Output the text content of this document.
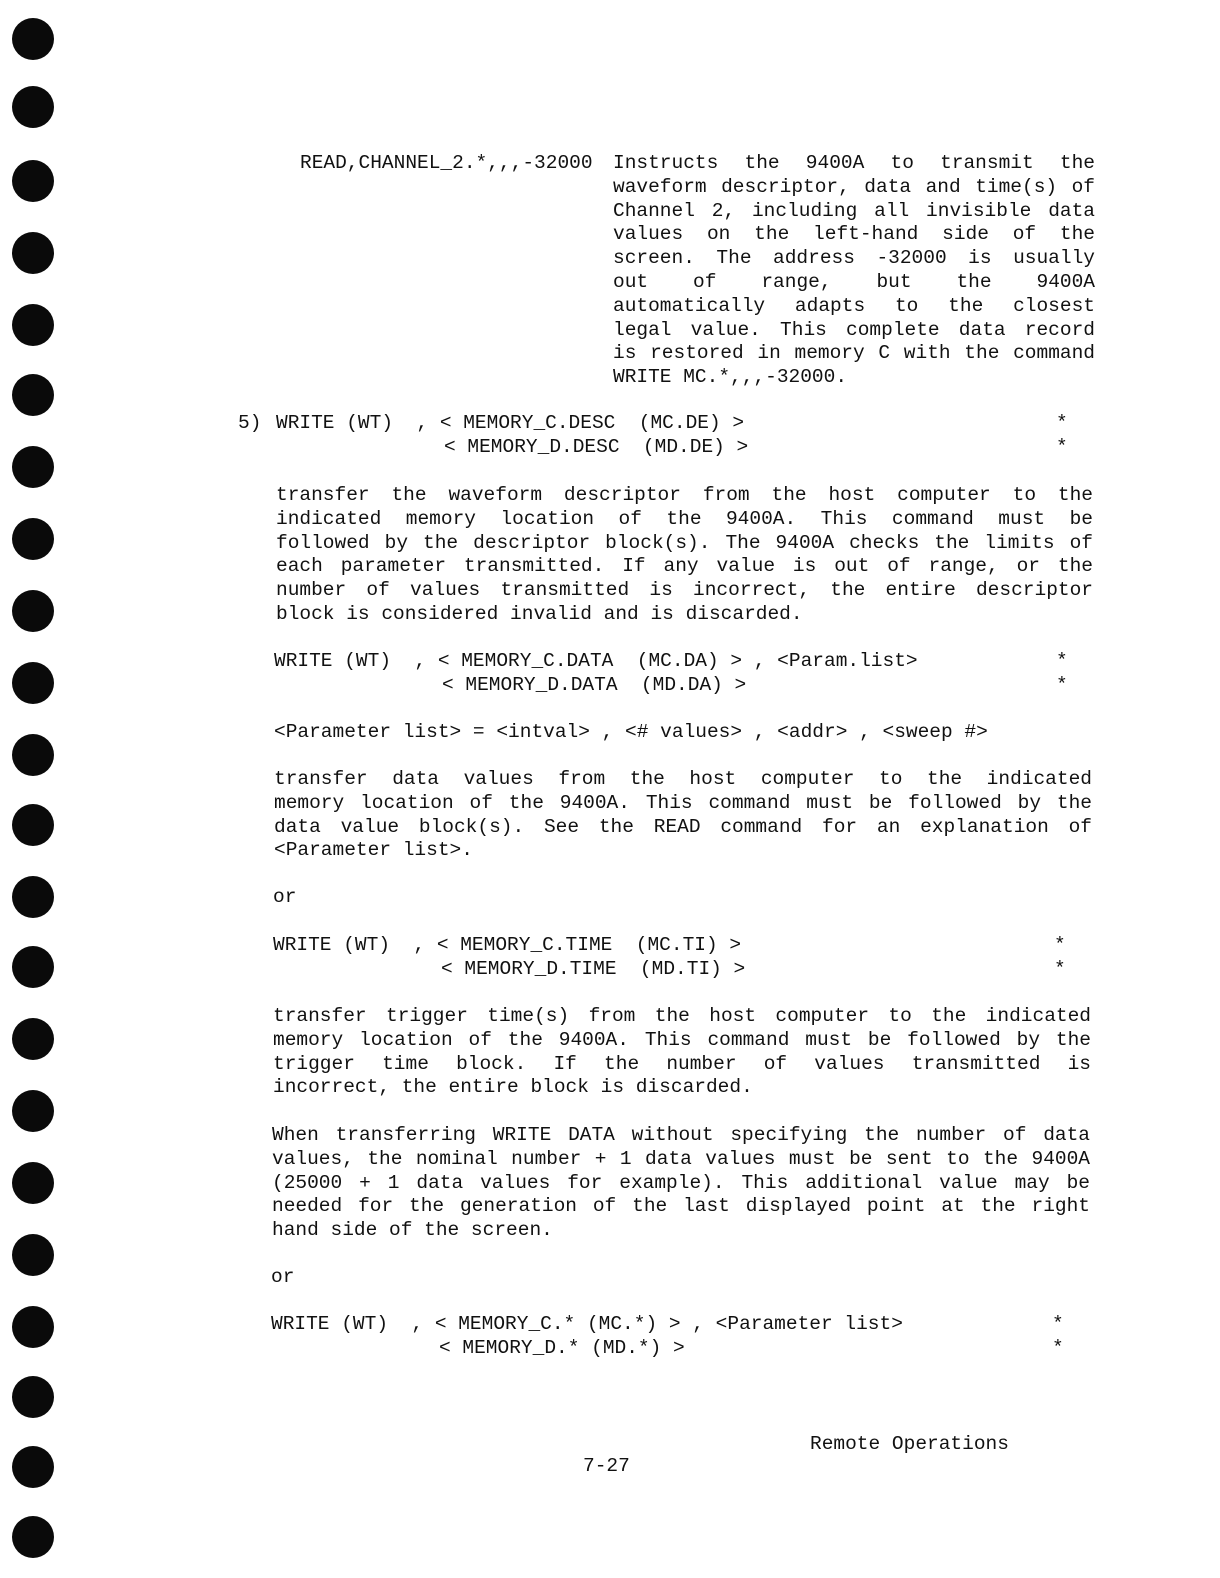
READ,CHANNEL_2.*,,,-32000 Instructs the 9400A to transmit the
waveform descriptor, data and time(s) of
Channel 2, including all invisible data
values on the left-hand side of the
screen. The address -32000 is usually
out of range, but the 9400A
automatically adapts to the closest
legal value. This complete data record
is restored in memory C with the command
WRITE MC.*,,,-32000.
5) WRITE (WT)  , < MEMORY_C.DESC  (MC.DE) >
< MEMORY_D.DESC  (MD.DE) >
*
*
transfer the waveform descriptor from the host computer to the
indicated memory location of the 9400A. This command must be
followed by the descriptor block(s). The 9400A checks the limits of
each parameter transmitted. If any value is out of range, or the
number of values transmitted is incorrect, the entire descriptor
block is considered invalid and is discarded.
WRITE (WT)  , < MEMORY_C.DATA  (MC.DA) > , <Param.list>
< MEMORY_D.DATA  (MD.DA) >
*
*
<Parameter list> = <intval> , <# values> , <addr> , <sweep #>
transfer data values from the host computer to the indicated
memory location of the 9400A. This command must be followed by the
data value block(s). See the READ command for an explanation of
<Parameter list>.
or
WRITE (WT)  , < MEMORY_C.TIME  (MC.TI) >
< MEMORY_D.TIME  (MD.TI) >
*
*
transfer trigger time(s) from the host computer to the indicated
memory location of the 9400A. This command must be followed by the
trigger time block. If the number of values transmitted is
incorrect, the entire block is discarded.
When transferring WRITE DATA without specifying the number of data
values, the nominal number + 1 data values must be sent to the 9400A
(25000 + 1 data values for example). This additional value may be
needed for the generation of the last displayed point at the right
hand side of the screen.
or
WRITE (WT)  , < MEMORY_C.* (MC.*) > , <Parameter list>
< MEMORY_D.* (MD.*) >
*
*
Remote Operations
7-27
